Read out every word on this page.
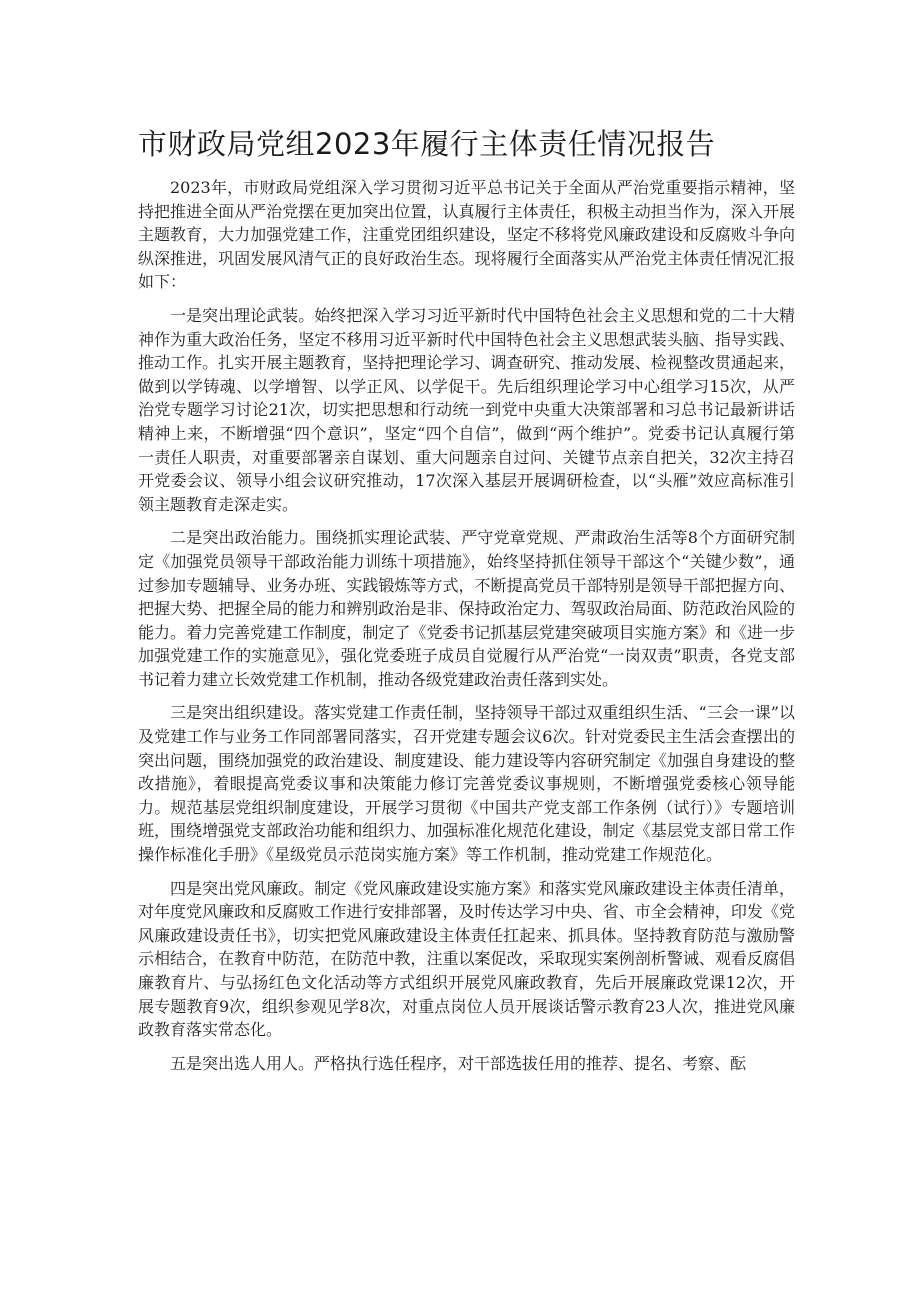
市财政局党组2023年履行主体责任情况报告

2023年，市财政局党组深入学习贯彻习近平总书记关于全面从严治党重要指示精神，坚持把推进全面从严治党摆在更加突出位置，认真履行主体责任，积极主动担当作为，深入开展主题教育，大力加强党建工作，注重党团组织建设，坚定不移将党风廉政建设和反腐败斗争向纵深推进，巩固发展风清气正的良好政治生态。现将履行全面落实从严治党主体责任情况汇报如下：

一是突出理论武装。始终把深入学习习近平新时代中国特色社会主义思想和党的二十大精神作为重大政治任务，坚定不移用习近平新时代中国特色社会主义思想武装头脑、指导实践、推动工作。扎实开展主题教育，坚持把理论学习、调查研究、推动发展、检视整改贯通起来，做到以学铸魂、以学增智、以学正风、以学促干。先后组织理论学习中心组学习15次，从严治党专题学习讨论21次，切实把思想和行动统一到党中央重大决策部署和习总书记最新讲话精神上来，不断增强“四个意识”，坚定“四个自信”，做到“两个维护”。党委书记认真履行第一责任人职责，对重要部署亲自谋划、重大问题亲自过问、关键节点亲自把关，32次主持召开党委会议、领导小组会议研究推动，17次深入基层开展调研检查，以“头雁”效应高标准引领主题教育走深走实。

二是突出政治能力。围绕抓实理论武装、严守党章党规、严肃政治生活等8个方面研究制定《加强党员领导干部政治能力训练十项措施》，始终坚持抓住领导干部这个“关键少数”，通过参加专题辅导、业务办班、实践锻炼等方式，不断提高党员干部特别是领导干部把握方向、把握大势、把握全局的能力和辨别政治是非、保持政治定力、驾驭政治局面、防范政治风险的能力。着力完善党建工作制度，制定了《党委书记抓基层党建突破项目实施方案》和《进一步加强党建工作的实施意见》，强化党委班子成员自觉履行从严治党“一岗双责”职责，各党支部书记着力建立长效党建工作机制，推动各级党建政治责任落到实处。

三是突出组织建设。落实党建工作责任制，坚持领导干部过双重组织生活、“三会一课”以及党建工作与业务工作同部署同落实，召开党建专题会议6次。针对党委民主生活会查摆出的突出问题，围绕加强党的政治建设、制度建设、能力建设等内容研究制定《加强自身建设的整改措施》，着眼提高党委议事和决策能力修订完善党委议事规则，不断增强党委核心领导能力。规范基层党组织制度建设，开展学习贯彻《中国共产党支部工作条例（试行）》专题培训班，围绕增强党支部政治功能和组织力、加强标准化规范化建设，制定《基层党支部日常工作操作标准化手册》《星级党员示范岗实施方案》等工作机制，推动党建工作规范化。

四是突出党风廉政。制定《党风廉政建设实施方案》和落实党风廉政建设主体责任清单，对年度党风廉政和反腐败工作进行安排部署，及时传达学习中央、省、市全会精神，印发《党风廉政建设责任书》，切实把党风廉政建设主体责任扛起来、抓具体。坚持教育防范与激励警示相结合，在教育中防范，在防范中教，注重以案促改，采取现实案例剖析警诫、观看反腐倡廉教育片、与弘扬红色文化活动等方式组织开展党风廉政教育，先后开展廉政党课12次，开展专题教育9次，组织参观见学8次，对重点岗位人员开展谈话警示教育23人次，推进党风廉政教育落实常态化。

五是突出选人用人。严格执行选任程序，对干部选拔任用的推荐、提名、考察、酝
